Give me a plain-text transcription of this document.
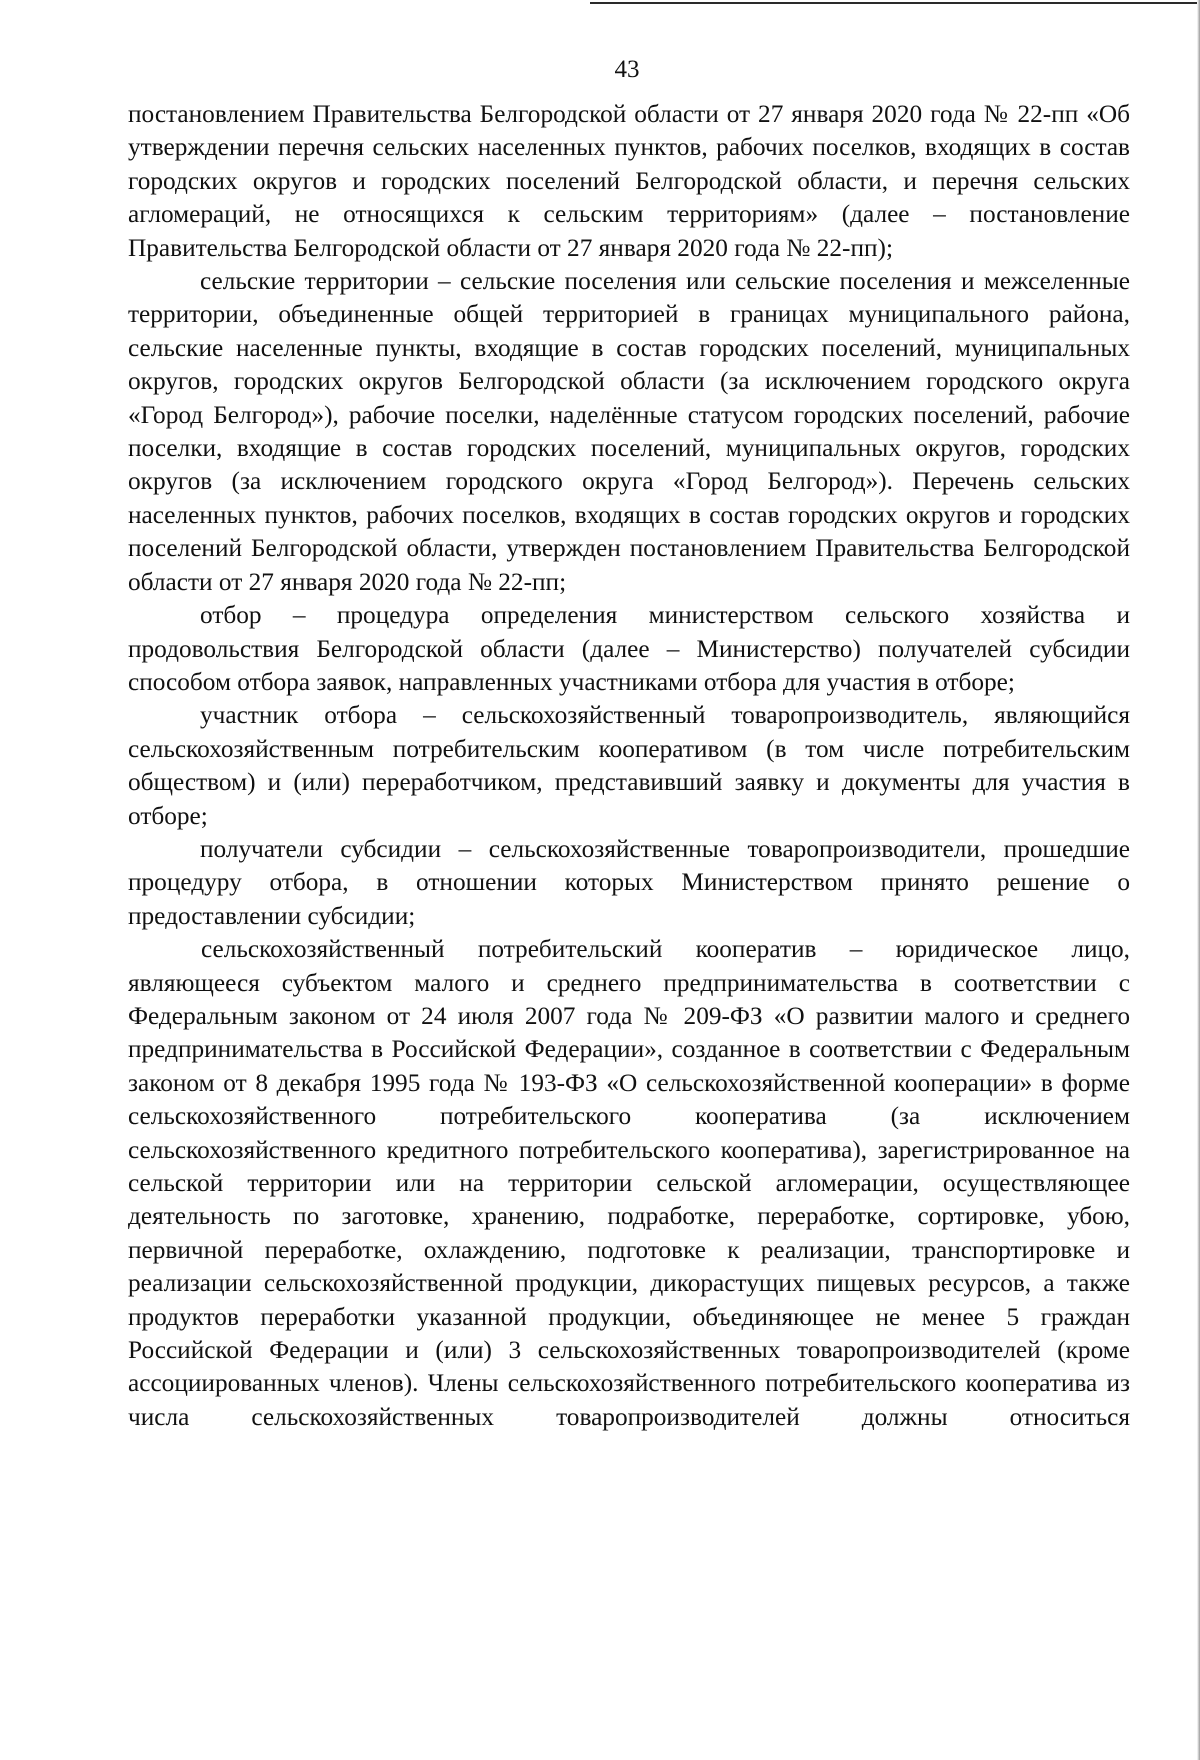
43

постановлением Правительства Белгородской области от 27 января 2020 года № 22-пп «Об утверждении перечня сельских населенных пунктов, рабочих поселков, входящих в состав городских округов и городских поселений Белгородской области, и перечня сельских агломераций, не относящихся к сельским территориям» (далее – постановление Правительства Белгородской области от 27 января 2020 года № 22-пп);

сельские территории – сельские поселения или сельские поселения и межселенные территории, объединенные общей территорией в границах муниципального района, сельские населенные пункты, входящие в состав городских поселений, муниципальных округов, городских округов Белгородской области (за исключением городского округа «Город Белгород»), рабочие поселки, наделённые статусом городских поселений, рабочие поселки, входящие в состав городских поселений, муниципальных округов, городских округов (за исключением городского округа «Город Белгород»). Перечень сельских населенных пунктов, рабочих поселков, входящих в состав городских округов и городских поселений Белгородской области, утвержден постановлением Правительства Белгородской области от 27 января 2020 года № 22-пп;

отбор – процедура определения министерством сельского хозяйства и продовольствия Белгородской области (далее – Министерство) получателей субсидии способом отбора заявок, направленных участниками отбора для участия в отборе;

участник отбора – сельскохозяйственный товаропроизводитель, являющийся сельскохозяйственным потребительским кооперативом (в том числе потребительским обществом) и (или) переработчиком, представивший заявку и документы для участия в отборе;

получатели субсидии – сельскохозяйственные товаропроизводители, прошедшие процедуру отбора, в отношении которых Министерством принято решение о предоставлении субсидии;

сельскохозяйственный потребительский кооператив – юридическое лицо, являющееся субъектом малого и среднего предпринимательства в соответствии с Федеральным законом от 24 июля 2007 года № 209-ФЗ «О развитии малого и среднего предпринимательства в Российской Федерации», созданное в соответствии с Федеральным законом от 8 декабря 1995 года № 193-ФЗ «О сельскохозяйственной кооперации» в форме сельскохозяйственного потребительского кооператива (за исключением сельскохозяйственного кредитного потребительского кооператива), зарегистрированное на сельской территории или на территории сельской агломерации, осуществляющее деятельность по заготовке, хранению, подработке, переработке, сортировке, убою, первичной переработке, охлаждению, подготовке к реализации, транспортировке и реализации сельскохозяйственной продукции, дикорастущих пищевых ресурсов, а также продуктов переработки указанной продукции, объединяющее не менее 5 граждан Российской Федерации и (или) 3 сельскохозяйственных товаропроизводителей (кроме ассоциированных членов). Члены сельскохозяйственного потребительского кооператива из числа сельскохозяйственных товаропроизводителей должны относиться
